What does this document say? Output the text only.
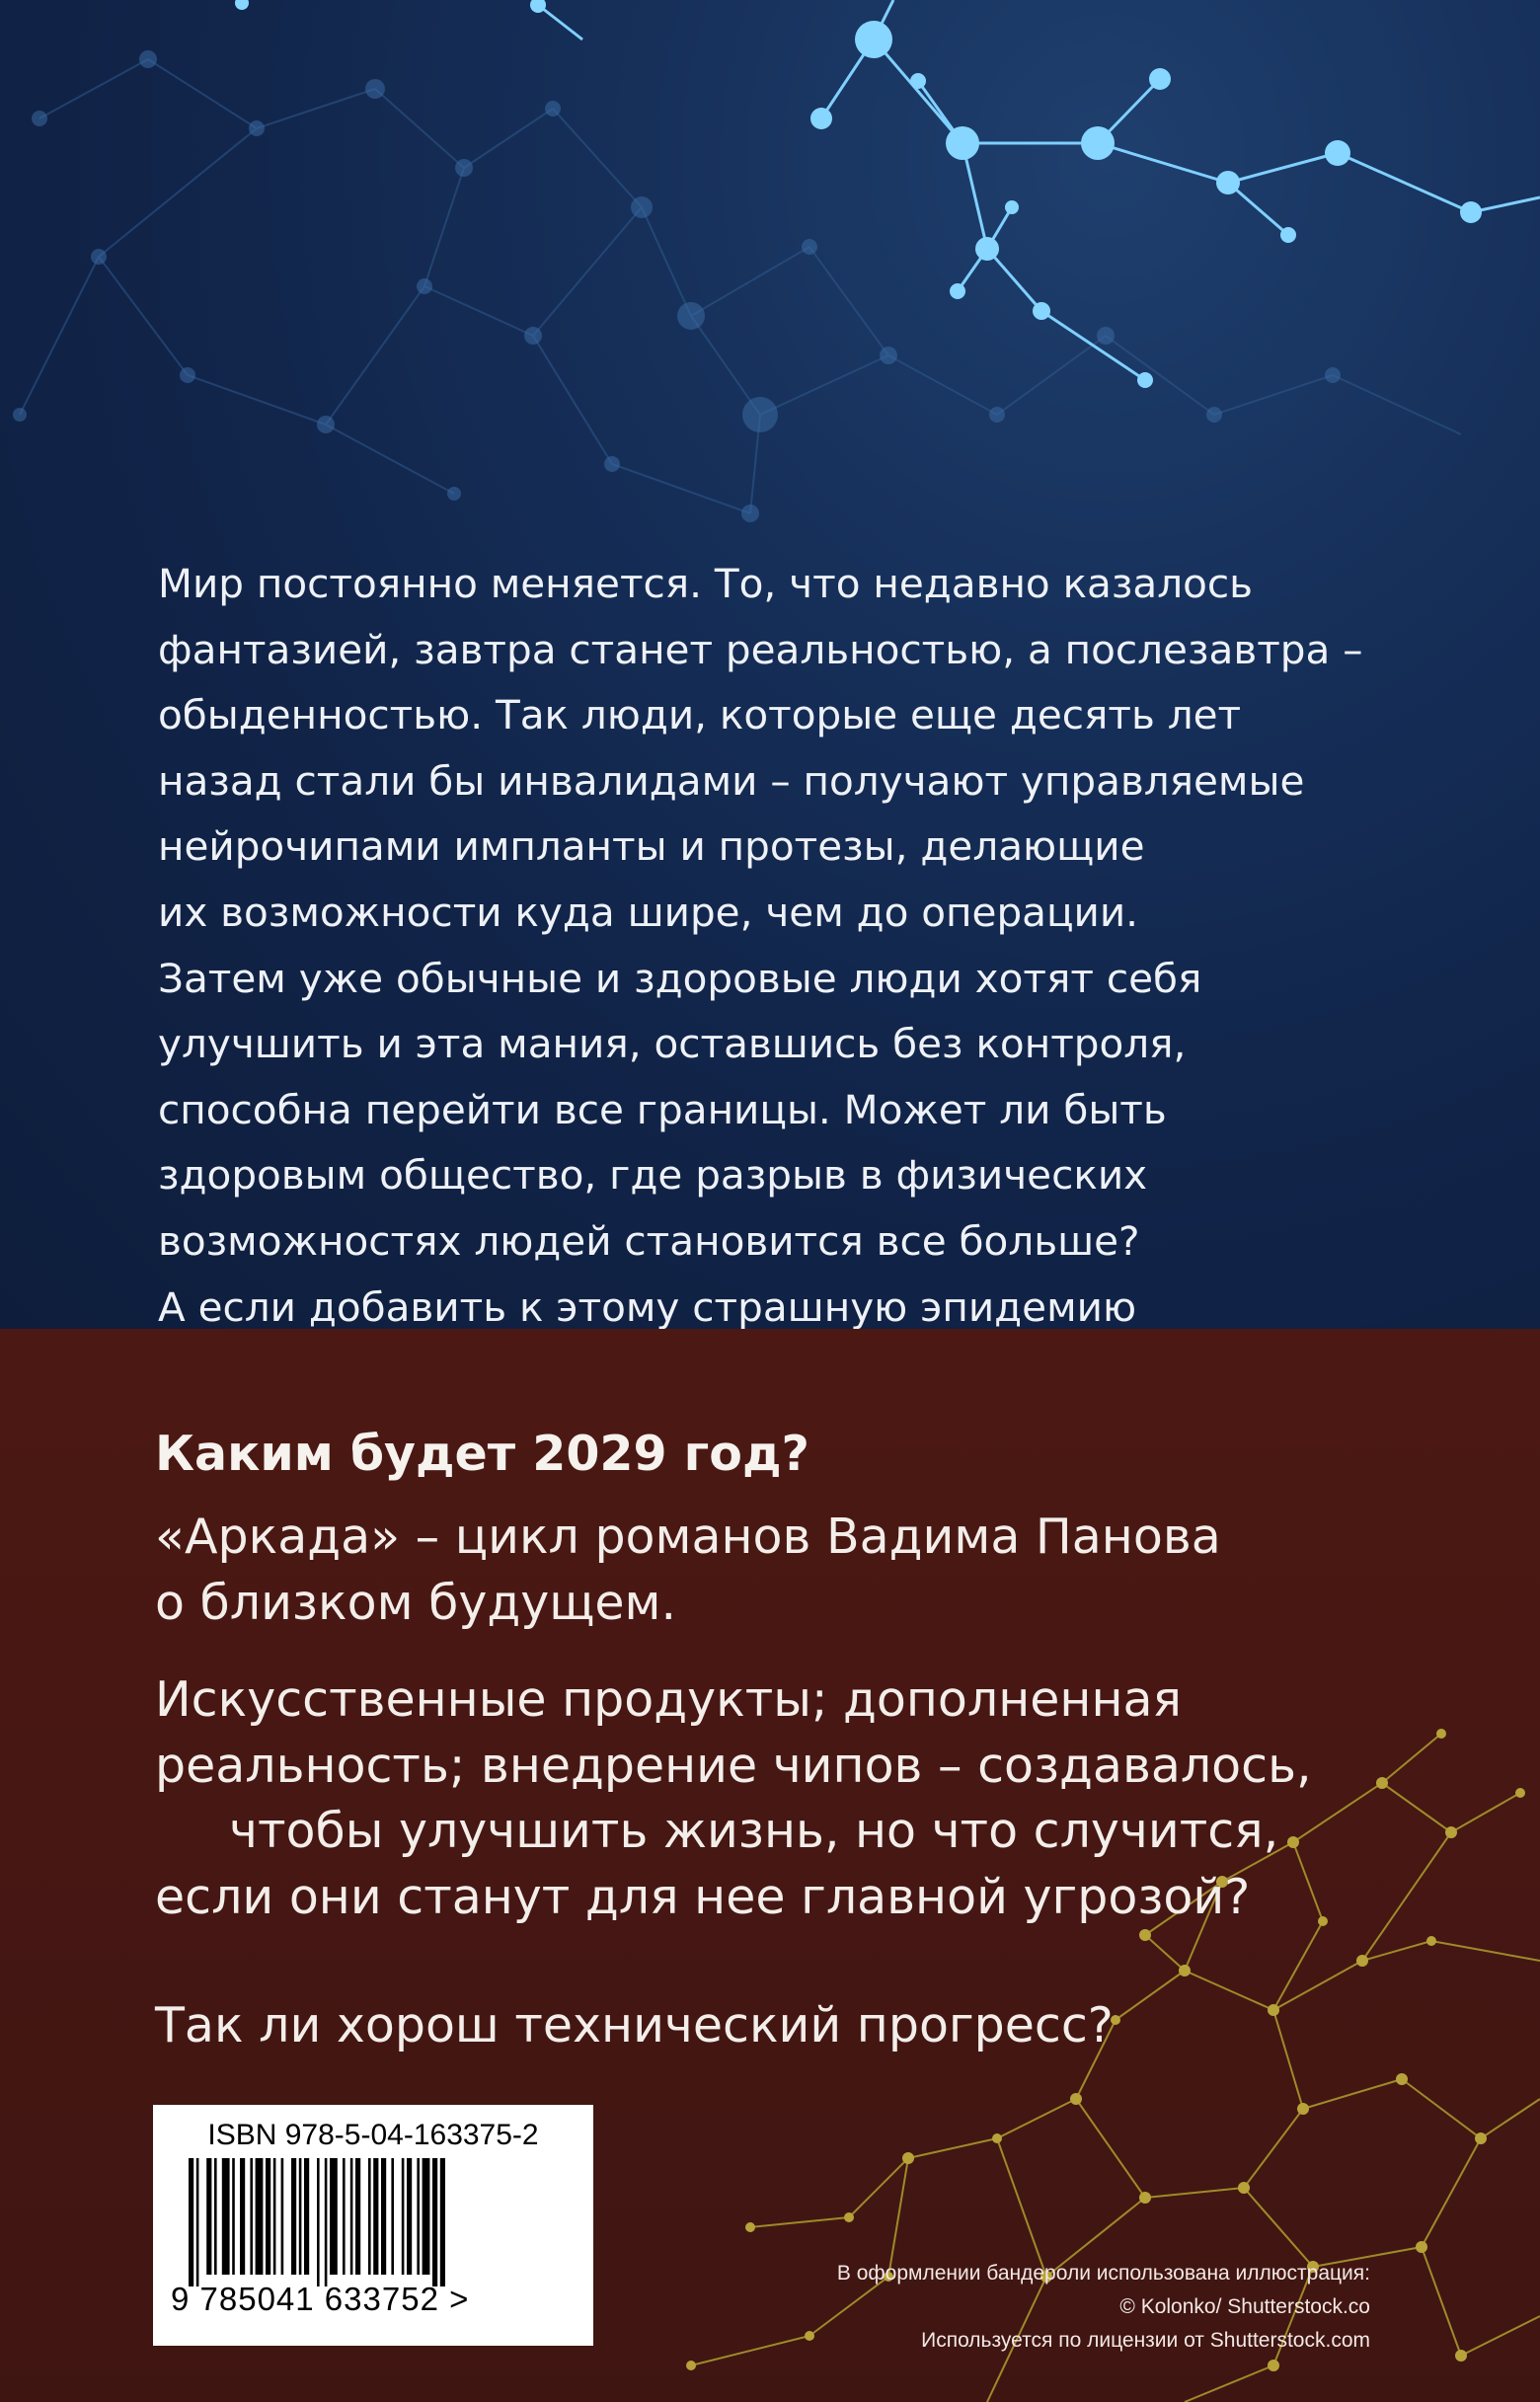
Мир постоянно меняется. То, что недавно казалось
фантазией, завтра станет реальностью, а послезавтра –
обыденностью. Так люди, которые еще десять лет
назад стали бы инвалидами – получают управляемые
нейрочипами импланты и протезы, делающие
их возможности куда шире, чем до операции.
Затем уже обычные и здоровые люди хотят себя
улучшить и эта мания, оставшись без контроля,
способна перейти все границы. Может ли быть
здоровым общество, где разрыв в физических
возможностях людей становится все больше?
А если добавить к этому страшную эпидемию
Каким будет 2029 год?
«Аркада» – цикл романов Вадима Панова
о близком будущем.
Искусственные продукты; дополненная
реальность; внедрение чипов – создавалось,
чтобы улучшить жизнь, но что случится,
если они станут для нее главной угрозой?
Так ли хорош технический прогресс?
ISBN 978-5-04-163375-2
9 785041 633752 >
В оформлении бандероли использована иллюстрация:
© Kolonko/ Shutterstock.co
Используется по лицензии от Shutterstock.com
